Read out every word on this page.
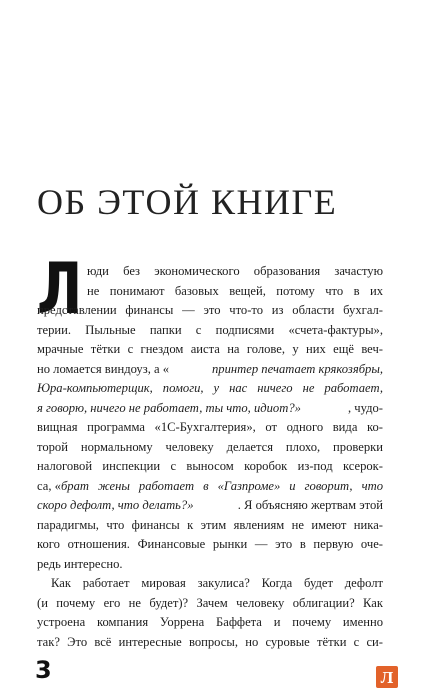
ОБ ЭТОЙ КНИГЕ
Л юди без экономического образования зачастую
не понимают базовых вещей, потому что в их
представлении финансы — это что-то из области бухгал-
терии. Пыльные папки с подписями «счета-фактуры»,
мрачные тётки с гнездом аиста на голове, у них ещё веч-
но ломается виндоуз, а «	принтер печатает крякозябры,
Юра-компьютерщик, помоги, у нас ничего не работает,
я говорю, ничего не работает, ты что, идиот?»	, чудо-
вищная программа «1С-Бухгалтерия», от одного вида ко-
торой нормальному человеку делается плохо, проверки
налоговой инспекции с выносом коробок из-под ксерок-
са, « брат жены работает в «Газпроме» и говорит, что
скоро дефолт, что делать?»	. Я объясняю жертвам этой
парадигмы, что финансы к этим явлениям не имеют ника-
кого отношения. Финансовые рынки — это в первую оче-
редь интересно.
Как работает мировая закулиса? Когда будет дефолт
(и почему его не будет)? Зачем человеку облигации? Как
устроена компания Уоррена Баффета и почему именно
так? Это всё интересные вопросы, но суровые тётки с си-
3	Л
